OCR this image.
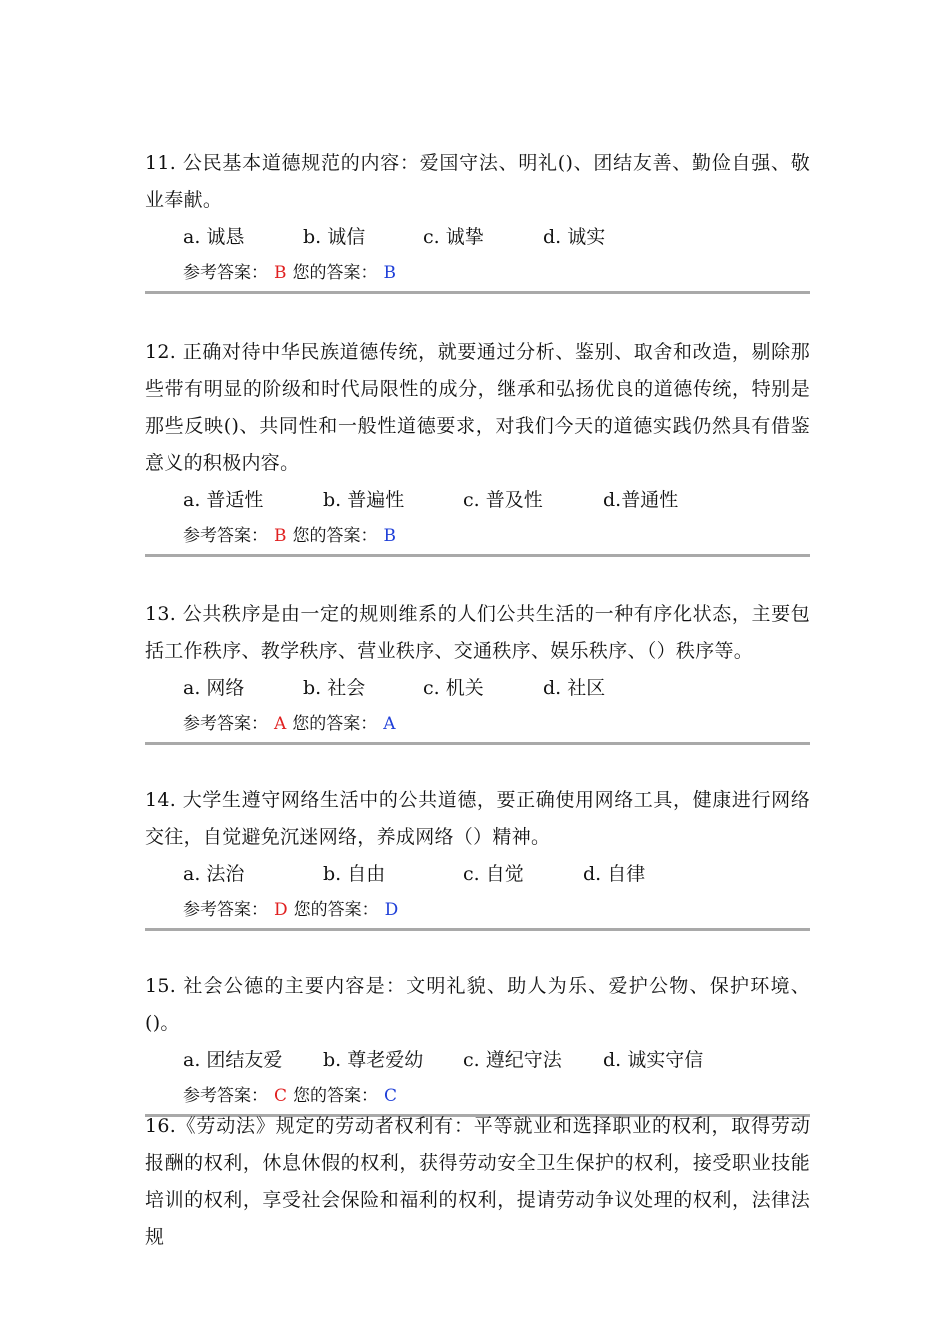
11. 公民基本道德规范的内容：爱国守法、明礼()、团结友善、勤俭自强、敬业奉献。

a. 诚恳	b. 诚信	c. 诚挚	d. 诚实
参考答案： B 您的答案： B

12. 正确对待中华民族道德传统，就要通过分析、鉴别、取舍和改造，剔除那些带有明显的阶级和时代局限性的成分，继承和弘扬优良的道德传统，特别是那些反映()、共同性和一般性道德要求，对我们今天的道德实践仍然具有借鉴意义的积极内容。

a. 普适性	b. 普遍性	c. 普及性	d.普通性
参考答案： B 您的答案： B

13. 公共秩序是由一定的规则维系的人们公共生活的一种有序化状态，主要包括工作秩序、教学秩序、营业秩序、交通秩序、娱乐秩序、（）秩序等。

a. 网络	b. 社会	c. 机关	d. 社区
参考答案： A 您的答案： A

14. 大学生遵守网络生活中的公共道德，要正确使用网络工具，健康进行网络交往，自觉避免沉迷网络，养成网络（）精神。

a. 法治	b. 自由	c. 自觉	d. 自律
参考答案： D 您的答案： D

15. 社会公德的主要内容是：文明礼貌、助人为乐、爱护公物、保护环境、()。

a. 团结友爱 b. 尊老爱幼 c. 遵纪守法 d. 诚实守信
参考答案： C 您的答案： C

16.《劳动法》规定的劳动者权利有：平等就业和选择职业的权利，取得劳动报酬的权利，休息休假的权利，获得劳动安全卫生保护的权利，接受职业技能培训的权利，享受社会保险和福利的权利，提请劳动争议处理的权利，法律法规
